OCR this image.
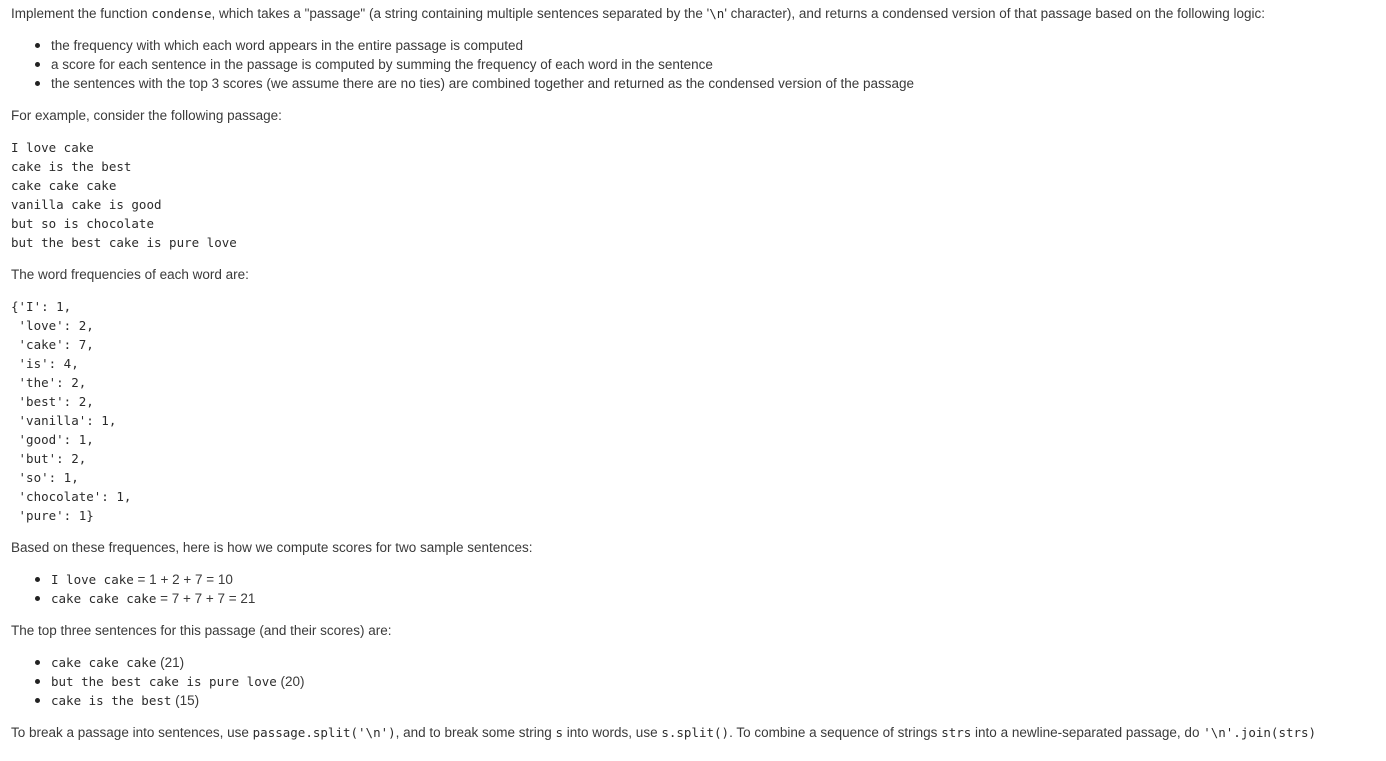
Implement the function condense, which takes a "passage" (a string containing multiple sentences separated by the '\n' character), and returns a condensed version of that passage based on the following logic:

the frequency with which each word appears in the entire passage is computed
a score for each sentence in the passage is computed by summing the frequency of each word in the sentence
the sentences with the top 3 scores (we assume there are no ties) are combined together and returned as the condensed version of the passage

For example, consider the following passage:

I love cake
cake is the best
cake cake cake
vanilla cake is good
but so is chocolate
but the best cake is pure love

The word frequencies of each word are:

{'I': 1,
'love': 2,
'cake': 7,
'is': 4,
'the': 2,
'best': 2,
'vanilla': 1,
'good': 1,
'but': 2,
'so': 1,
'chocolate': 1,
'pure': 1}

Based on these frequences, here is how we compute scores for two sample sentences:

I love cake = 1 + 2 + 7 = 10
cake cake cake = 7 + 7 + 7 = 21

The top three sentences for this passage (and their scores) are:

cake cake cake (21)
but the best cake is pure love (20)
cake is the best (15)

To break a passage into sentences, use passage.split('\n'), and to break some string s into words, use s.split(). To combine a sequence of strings strs into a newline-separated passage, do '\n'.join(strs)
